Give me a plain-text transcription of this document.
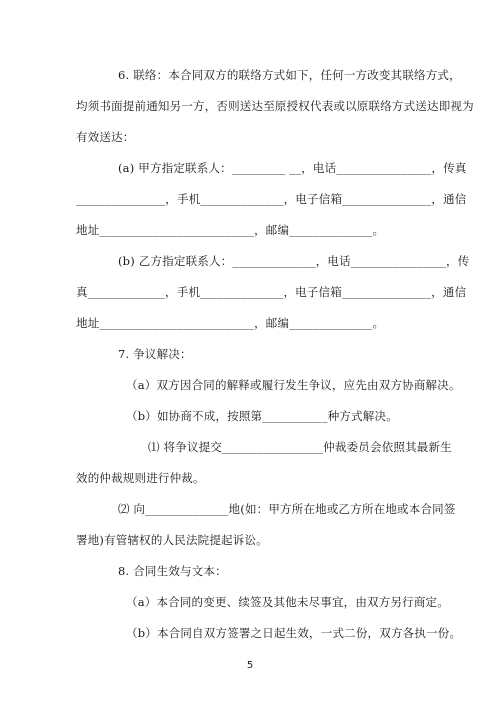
6. 联络：本合同双方的联络方式如下，任何一方改变其联络方式，
均须书面提前通知另一方，否则送达至原授权代表或以原联络方式送达即视为
有效送达：
(a) 甲方指定联系人：_________ __，电话________________，传真
_______________，手机______________，电子信箱_______________，通信
地址__________________________，邮编______________。
(b) 乙方指定联系人：______________，电话________________，传
真_____________，手机______________，电子信箱_______________，通信
地址__________________________，邮编______________。
7. 争议解决：
（a）双方因合同的解释或履行发生争议，应先由双方协商解决。
（b）如协商不成，按照第___________种方式解决。
⑴ 将争议提交_________________仲裁委员会依照其最新生
效的仲裁规则进行仲裁。
⑵ 向______________地(如：甲方所在地或乙方所在地或本合同签
署地)有管辖权的人民法院提起诉讼。
8. 合同生效与文本：
（a）本合同的变更、续签及其他未尽事宜，由双方另行商定。
（b）本合同自双方签署之日起生效，一式二份，双方各执一份。
5
